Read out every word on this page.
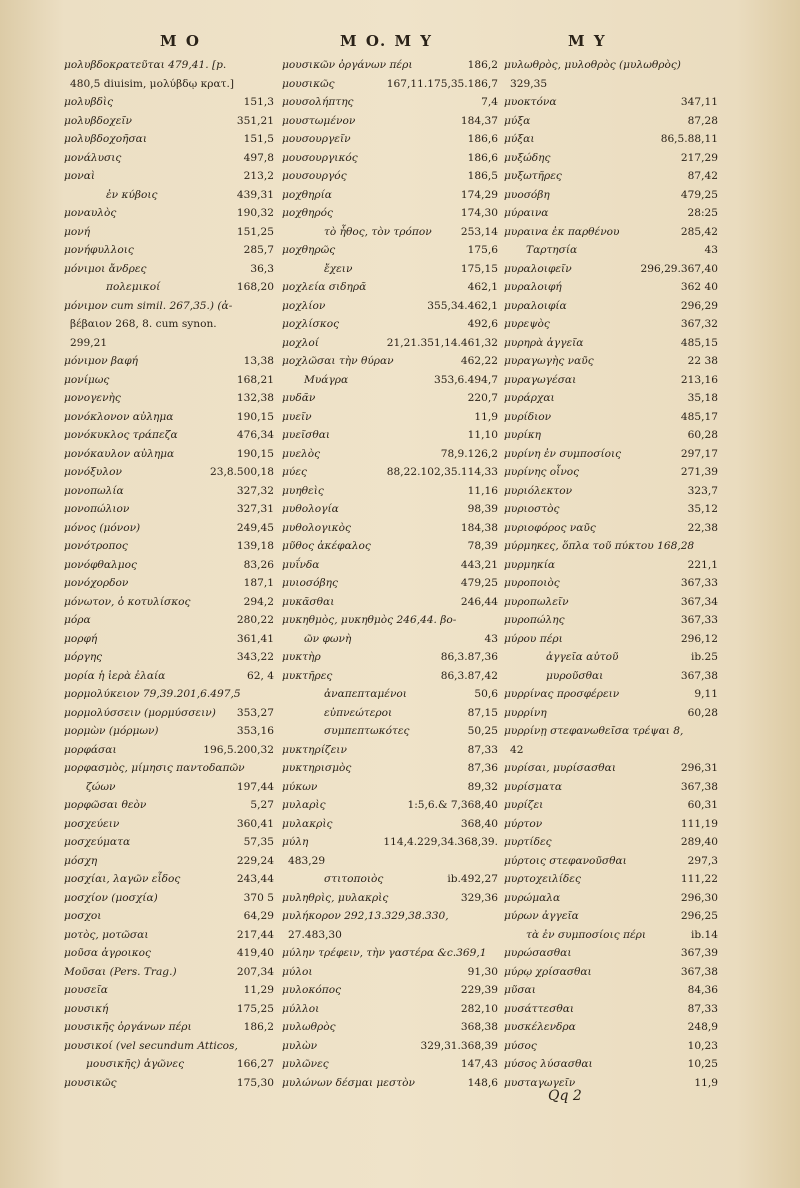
M O	M O. M Y	M Y
μολυβδοκρατεῦται 479,41. [p.
480,5 diuisim, μολύβδῳ κρατ.]
μολυβδὶς	151,3
μολυβδοχεῖν	351,21
μολυβδοχοῆσαι	151,5
μονάλυσις	497,8
μοναὶ	213,2
ἐν κύβοις	439,31
μοναυλὸς	190,32
μονή	151,25
μονήφυλλοις	285,7
μόνιμοι ἄνδρες	36,3
πολεμικοί	168,20
μόνιμον cum simil. 267,35.) (ἀ-
βέβαιον 268, 8. cum synon.
299,21
μόνιμον βαφή	13,38
μονίμως	168,21
μονογενὴς	132,38
μονόκλονον αὐλημα	190,15
μονόκυκλος τράπεζα	476,34
μονόκαυλον αὐλημα	190,15
μονόξυλον	23,8.500,18
μονοπωλία	327,32
μονοπώλιον	327,31
μόνος (μόνον)	249,45
μονότροπος	139,18
μονόφθαλμος	83,26
μονόχορδον	187,1
μόνωτον, ὁ κοτυλίσκος	294,2
μόρα	280,22
μορφή	361,41
μόργης	343,22
μορία ἡ ἱερὰ ἐλαία	62, 4
μορμολύκειον 79,39.201,6.497,5
μορμολύσσειν (μορμύσσειν)	353,27
μορμὼν (μόρμων)	353,16
μορφάσαι	196,5.200,32
μορφασμὸς, μίμησις παντοδαπῶν
ζώων	197,44
μορφῶσαι θεὸν	5,27
μοσχεύειν	360,41
μοσχεύματα	57,35
μόσχη	229,24
μοσχίαι, λαγῶν εἶδος	243,44
μοσχίον (μοσχία)	370 5
μοσχοι	64,29
μοτὸς, μοτῶσαι	217,44
μοῦσα ἀγροικος	419,40
Μοῦσαι (Pers. Trag.)	207,34
μουσεῖα	11,29
μουσική	175,25
μουσικῆς ὀργάνων πέρι	186,2
μουσικοί (vel secundum Atticos,
μουσικῆς) ἀγῶνες	166,27
μουσικῶς	175,30
μουσικῶν ὀργάνων πέρι	186,2
μουσικῶς	167,11.175,35.186,7
μουσολήπτης	7,4
μουστωμένον	184,37
μουσουργεῖν	186,6
μουσουργικός	186,6
μουσουργός	186,5
μοχθηρία	174,29
μοχθηρός	174,30
τὸ ἦθος, τὸν τρόπον	253,14
μοχθηρῶς	175,6
ἔχειν	175,15
μοχλεία σιδηρᾶ	462,1
μοχλίον	355,34.462,1
μοχλίσκος	492,6
μοχλοί	21,21.351,14.461,32
μοχλῶσαι τὴν θύραν	462,22
Μυάγρα	353,6.494,7
μυδᾶν	220,7
μυεῖν	11,9
μυεῖσθαι	11,10
μυελὸς	78,9.126,2
μύες	88,22.102,35.114,33
μυηθεὶς	11,16
μυθολογία	98,39
μυθολογικὸς	184,38
μῦθος ἀκέφαλος	78,39
μυΐνδα	443,21
μυιοσόβης	479,25
μυκᾶσθαι	246,44
μυκηθμὸς, μυκηθμὸς 246,44. βο-
ῶν φωνὴ	43
μυκτὴρ	86,3.87,36
μυκτῆρες	86,3.87,42
ἀναπεπταμένοι	50,6
εὐπνεώτεροι	87,15
συμπεπτωκότες	50,25
μυκτηρίζειν	87,33
μυκτηρισμὸς	87,36
μύκων	89,32
μυλαρὶς	1:5,6.& 7,368,40
μυλακρὶς	368,40
μύλη	114,4.229,34.368,39.
483,29
στιτοποιὸς	ib.492,27
μυληθρὶς, μυλακρὶς	329,36
μυλήκορον 292,13.329,38.330,
27.483,30
μύλην τρέφειν, τὴν γαστέρα &c.369,1
μύλοι	91,30
μυλοκόπος	229,39
μύλλοι	282,10
μυλωθρὸς	368,38
μυλὼν	329,31.368,39
μυλῶνες	147,43
μυλώνων δέσμαι μεστὸν	148,6
μυλωθρὸς, μυλοθρὸς (μυλωθρὸς)
329,35
μυοκτόνα	347,11
μύξα	87,28
μύξαι	86,5.88,11
μυξώδης	217,29
μυξωτῆρες	87,42
μυοσόβη	479,25
μύραινα	28:25
μυραινα ἐκ παρθένου	285,42
Ταρτησία	43
μυραλοιφεῖν	296,29.367,40
μυραλοιφή	362 40
μυραλοιφία	296,29
μυρεψὸς	367,32
μυρηρὰ ἀγγεῖα	485,15
μυραγωγὴς ναῦς	22 38
μυραγωγέσαι	213,16
μυράρχαι	35,18
μυρίδιον	485,17
μυρίκη	60,28
μυρίνη ἐν συμποσίοις	297,17
μυρίνης οἶνος	271,39
μυριόλεκτον	323,7
μυριοστὸς	35,12
μυριοφόρος ναῦς	22,38
μύρμηκες, ὅπλα τοῦ πύκτου 168,28
μυρμηκία	221,1
μυροποιὸς	367,33
μυροπωλεῖν	367,34
μυροπώλης	367,33
μύρου πέρι	296,12
ἀγγεῖα αὐτοῦ	ib.25
μυροῦσθαι	367,38
μυρρίνας προσφέρειν	9,11
μυρρίνη	60,28
μυρρίνῃ στεφανωθεῖσα τρέψαι 8,
42
μυρίσαι, μυρίσασθαι	296,31
μυρίσματα	367,38
μυρίζει	60,31
μύρτον	111,19
μυρτίδες	289,40
μύρτοις στεφανοῦσθαι	297,3
μυρτοχειλίδες	111,22
μυρώμαλα	296,30
μύρων ἀγγεῖα	296,25
τὰ ἐν συμποσίοις πέρι	ib.14
μυρώσασθαι	367,39
μύρῳ χρίσασθαι	367,38
μῦσαι	84,36
μυσάττεσθαι	87,33
μυσκέλενδρα	248,9
μύσος	10,23
μύσος λύσασθαι	10,25
μυσταγωγεῖν	11,9
Qq 2
